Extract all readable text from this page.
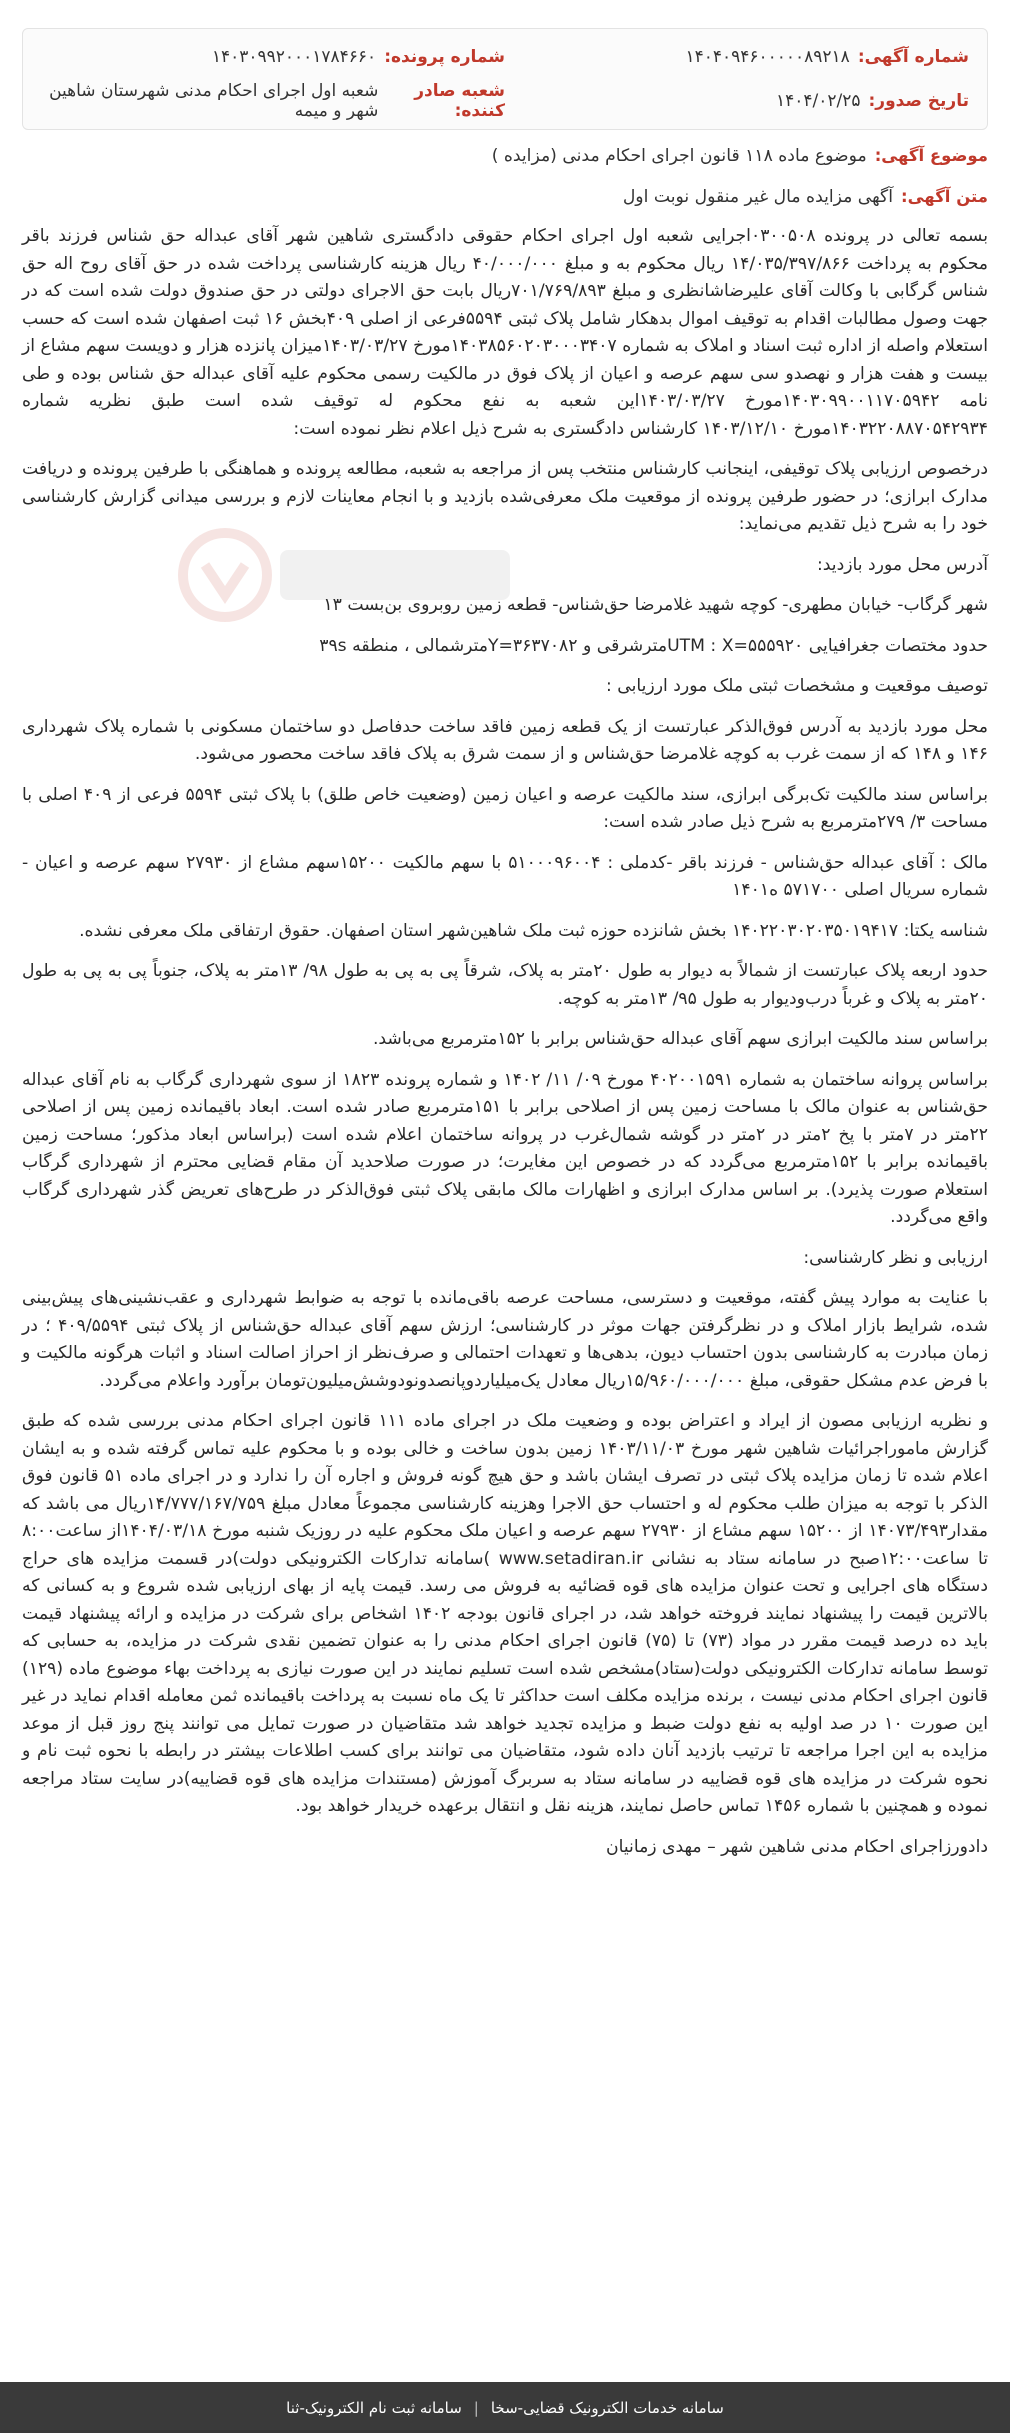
شماره آگهی:
۱۴۰۴۰۹۴۶۰۰۰۰۰۸۹۲۱۸
شماره پرونده:
۱۴۰۳۰۹۹۲۰۰۰۱۷۸۴۶۶۰
تاریخ صدور:
۱۴۰۴/۰۲/۲۵
شعبه صادر کننده:
شعبه اول اجرای احکام مدنی شهرستان شاهین شهر و میمه
موضوع آگهی:
موضوع ماده ۱۱۸ قانون اجرای احکام مدنی (مزایده )
متن آگهی:
آگهی مزایده مال غیر منقول نوبت اول

بسمه تعالی در پرونده ۰۳۰۰۵۰۸اجرایی شعبه اول اجرای احکام حقوقی دادگستری شاهین شهر آقای عبداله حق شناس فرزند باقر محکوم به پرداخت ۱۴/۰۳۵/۳۹۷/۸۶۶ ریال محکوم به و مبلغ ۴۰/۰۰۰/۰۰۰ ریال هزینه کارشناسی پرداخت شده در حق آقای روح اله حق شناس گرگابی با وکالت آقای علیرضاشانظری و مبلغ ۷۰۱/۷۶۹/۸۹۳ریال بابت حق الاجرای دولتی در حق صندوق دولت شده است که در جهت وصول مطالبات اقدام به توقیف اموال بدهکار شامل پلاک ثبتی ۵۵۹۴فرعی از اصلی ۴۰۹بخش ۱۶ ثبت اصفهان شده است که حسب استعلام واصله از اداره ثبت اسناد و املاک به شماره ۱۴۰۳۸۵۶۰۲۰۳۰۰۰۳۴۰۷مورخ ۱۴۰۳/۰۳/۲۷میزان پانزده هزار و دویست سهم مشاع از بیست و هفت هزار و نهصدو سی سهم عرصه و اعیان از پلاک فوق در مالکیت رسمی محکوم علیه آقای عبداله حق شناس بوده و طی نامه ۱۴۰۳۰۹۹۰۰۱۱۷۰۵۹۴۲مورخ ۱۴۰۳/۰۳/۲۷این شعبه به نفع محکوم له توقیف شده است طبق نظریه شماره ۱۴۰۳۲۲۰۸۸۷۰۵۴۲۹۳۴مورخ ۱۴۰۳/۱۲/۱۰ کارشناس دادگستری به شرح ذیل اعلام نظر نموده است:

درخصوص ارزیابی پلاک توقیفی، اینجانب کارشناس منتخب پس از مراجعه به شعبه، مطالعه پرونده و هماهنگی با طرفین پرونده و دریافت مدارک ابرازی؛ در حضور طرفین پرونده از موقعیت ملک معرفی‌شده بازدید و با انجام معاینات لازم و بررسی میدانی گزارش کارشناسی خود را به شرح ذیل تقدیم می‌نماید:

آدرس محل مورد بازدید:

شهر گرگاب- خیابان مطهری- کوچه شهید غلامرضا حق‌شناس- قطعه زمین روبروی بن‌بست ۱۳

حدود مختصات جغرافیایی UTM : X=۵۵۵۹۲۰مترشرقی و Y=۳۶۳۷۰۸۲مترشمالی ، منطقه ۳۹s

توصیف موقعیت و مشخصات ثبتی ملک مورد ارزیابی :

محل مورد بازدید به آدرس فوق‌الذکر عبارتست از یک قطعه زمین فاقد ساخت حدفاصل دو ساختمان مسکونی با شماره پلاک شهرداری ۱۴۶ و ۱۴۸ که از سمت غرب به کوچه غلامرضا حق‌شناس و از سمت شرق به پلاک فاقد ساخت محصور می‌شود.

براساس سند مالکیت تک‌برگی ابرازی، سند مالکیت عرصه و اعیان زمین (وضعیت خاص طلق) با پلاک ثبتی ۵۵۹۴ فرعی از ۴۰۹ اصلی با مساحت ۳/ ۲۷۹مترمربع به شرح ذیل صادر شده است:

مالک : آقای عبداله حق‌شناس - فرزند باقر -کدملی : ۵۱۰۰۰۹۶۰۰۴ با سهم مالکیت ۱۵۲۰۰سهم مشاع از ۲۷۹۳۰ سهم عرصه و اعیان - شماره سریال اصلی ۵۷۱۷۰۰ ه۱۴۰۱

شناسه یکتا: ۱۴۰۲۲۰۳۰۲۰۳۵۰۱۹۴۱۷ بخش شانزده حوزه ثبت ملک شاهین‌شهر استان اصفهان. حقوق ارتفاقی ملک معرفی نشده.

حدود اربعه پلاک عبارتست از شمالاً به دیوار به طول ۲۰متر به پلاک، شرقاً پی به پی به طول ۹۸/ ۱۳متر به پلاک، جنوباً پی به پی به طول ۲۰متر به پلاک و غرباً درب‌ودیوار به طول ۹۵/ ۱۳متر به کوچه.

براساس سند مالکیت ابرازی سهم آقای عبداله حق‌شناس برابر با ۱۵۲مترمربع می‌باشد.

براساس پروانه ساختمان به شماره ۴۰۲۰۰۱۵۹۱ مورخ ۰۹/ ۱۱/ ۱۴۰۲ و شماره پرونده ۱۸۲۳ از سوی شهرداری گرگاب به نام آقای عبداله حق‌شناس به عنوان مالک با مساحت زمین پس از اصلاحی برابر با ۱۵۱مترمربع صادر شده است. ابعاد باقیمانده زمین پس از اصلاحی ۲۲متر در ۷متر با پخ ۲متر در ۲متر در گوشه شمال‌غرب در پروانه ساختمان اعلام شده است (براساس ابعاد مذکور؛ مساحت زمین باقیمانده برابر با ۱۵۲مترمربع می‌گردد که در خصوص این مغایرت؛ در صورت صلاحدید آن مقام قضایی محترم از شهرداری گرگاب استعلام صورت پذیرد). بر اساس مدارک ابرازی و اظهارات مالک مابقی پلاک ثبتی فوق‌الذکر در طرح‌های تعریض گذر شهرداری گرگاب واقع می‌گردد.

ارزیابی و نظر کارشناسی:

با عنایت به موارد پیش گفته، موقعیت و دسترسی، مساحت عرصه باقی‌مانده با توجه به ضوابط شهرداری و عقب‌نشینی‌های پیش‌بینی شده، شرایط بازار املاک و در نظرگرفتن جهات موثر در کارشناسی؛ ارزش سهم آقای عبداله حق‌شناس از پلاک ثبتی ۴۰۹/۵۵۹۴ ؛ در زمان مبادرت به کارشناسی بدون احتساب دیون، بدهی‌ها و تعهدات احتمالی و صرف‌نظر از احراز اصالت اسناد و اثبات هرگونه مالکیت و با فرض عدم مشکل حقوقی، مبلغ ۱۵/۹۶۰/۰۰۰/۰۰۰ریال معادل یک‌میلیاردوپانصدونودوشش‌میلیون‌تومان برآورد واعلام می‌گردد.

و نظریه ارزیابی مصون از ایراد و اعتراض بوده و وضعیت ملک در اجرای ماده ۱۱۱ قانون اجرای احکام مدنی بررسی شده که طبق گزارش ماموراجرائیات شاهین شهر مورخ ۱۴۰۳/۱۱/۰۳ زمین بدون ساخت و خالی بوده و با محکوم علیه تماس گرفته شده و به ایشان اعلام شده تا زمان مزایده پلاک ثبتی در تصرف ایشان باشد و حق هیچ گونه فروش و اجاره آن را ندارد و در اجرای ماده ۵۱ قانون فوق الذکر با توجه به میزان طلب محکوم له و احتساب حق الاجرا وهزینه کارشناسی مجموعاً معادل مبلغ ۱۴/۷۷۷/۱۶۷/۷۵۹ریال می باشد که مقدار۱۴۰۷۳/۴۹۳ از ۱۵۲۰۰ سهم مشاع از ۲۷۹۳۰ سهم عرصه و اعیان ملک محکوم علیه در روزیک شنبه مورخ ۱۴۰۴/۰۳/۱۸از ساعت۸:۰۰ تا ساعت۱۲:۰۰صبح در سامانه ستاد به نشانی www.setadiran.ir )سامانه تدارکات الکترونیکی دولت)در قسمت مزایده های حراج دستگاه های اجرایی و تحت عنوان مزایده های قوه قضائیه به فروش می رسد. قیمت پایه از بهای ارزیابی شده شروع و به کسانی که بالاترین قیمت را پیشنهاد نمایند فروخته خواهد شد، در اجرای قانون بودجه ۱۴۰۲ اشخاص برای شرکت در مزایده و ارائه پیشنهاد قیمت باید ده درصد قیمت مقرر در مواد (۷۳) تا (۷۵) قانون اجرای احکام مدنی را به عنوان تضمین نقدی شرکت در مزایده، به حسابی که توسط سامانه تدارکات الکترونیکی دولت(ستاد)مشخص شده است تسلیم نمایند در این صورت نیازی به پرداخت بهاء موضوع ماده (۱۲۹) قانون اجرای احکام مدنی نیست ، برنده مزایده مکلف است حداکثر تا یک ماه نسبت به پرداخت باقیمانده ثمن معامله اقدام نماید در غیر این صورت ۱۰ در صد اولیه به نفع دولت ضبط و مزایده تجدید خواهد شد متقاضیان در صورت تمایل می توانند پنج روز قبل از موعد مزایده به این اجرا مراجعه تا ترتیب بازدید آنان داده شود، متقاضیان می توانند برای کسب اطلاعات بیشتر در رابطه با نحوه ثبت نام و نحوه شرکت در مزایده های قوه قضاییه در سامانه ستاد به سربرگ آموزش (مستندات مزایده های قوه قضاییه)در سایت ستاد مراجعه نموده و همچنین با شماره ۱۴۵۶ تماس حاصل نمایند، هزینه نقل و انتقال برعهده خریدار خواهد بود.

دادورزاجرای احکام مدنی شاهین شهر – مهدی زمانیان
سامانه خدمات الکترونیک قضایی-سخا
|
سامانه ثبت نام الکترونیک-ثنا
